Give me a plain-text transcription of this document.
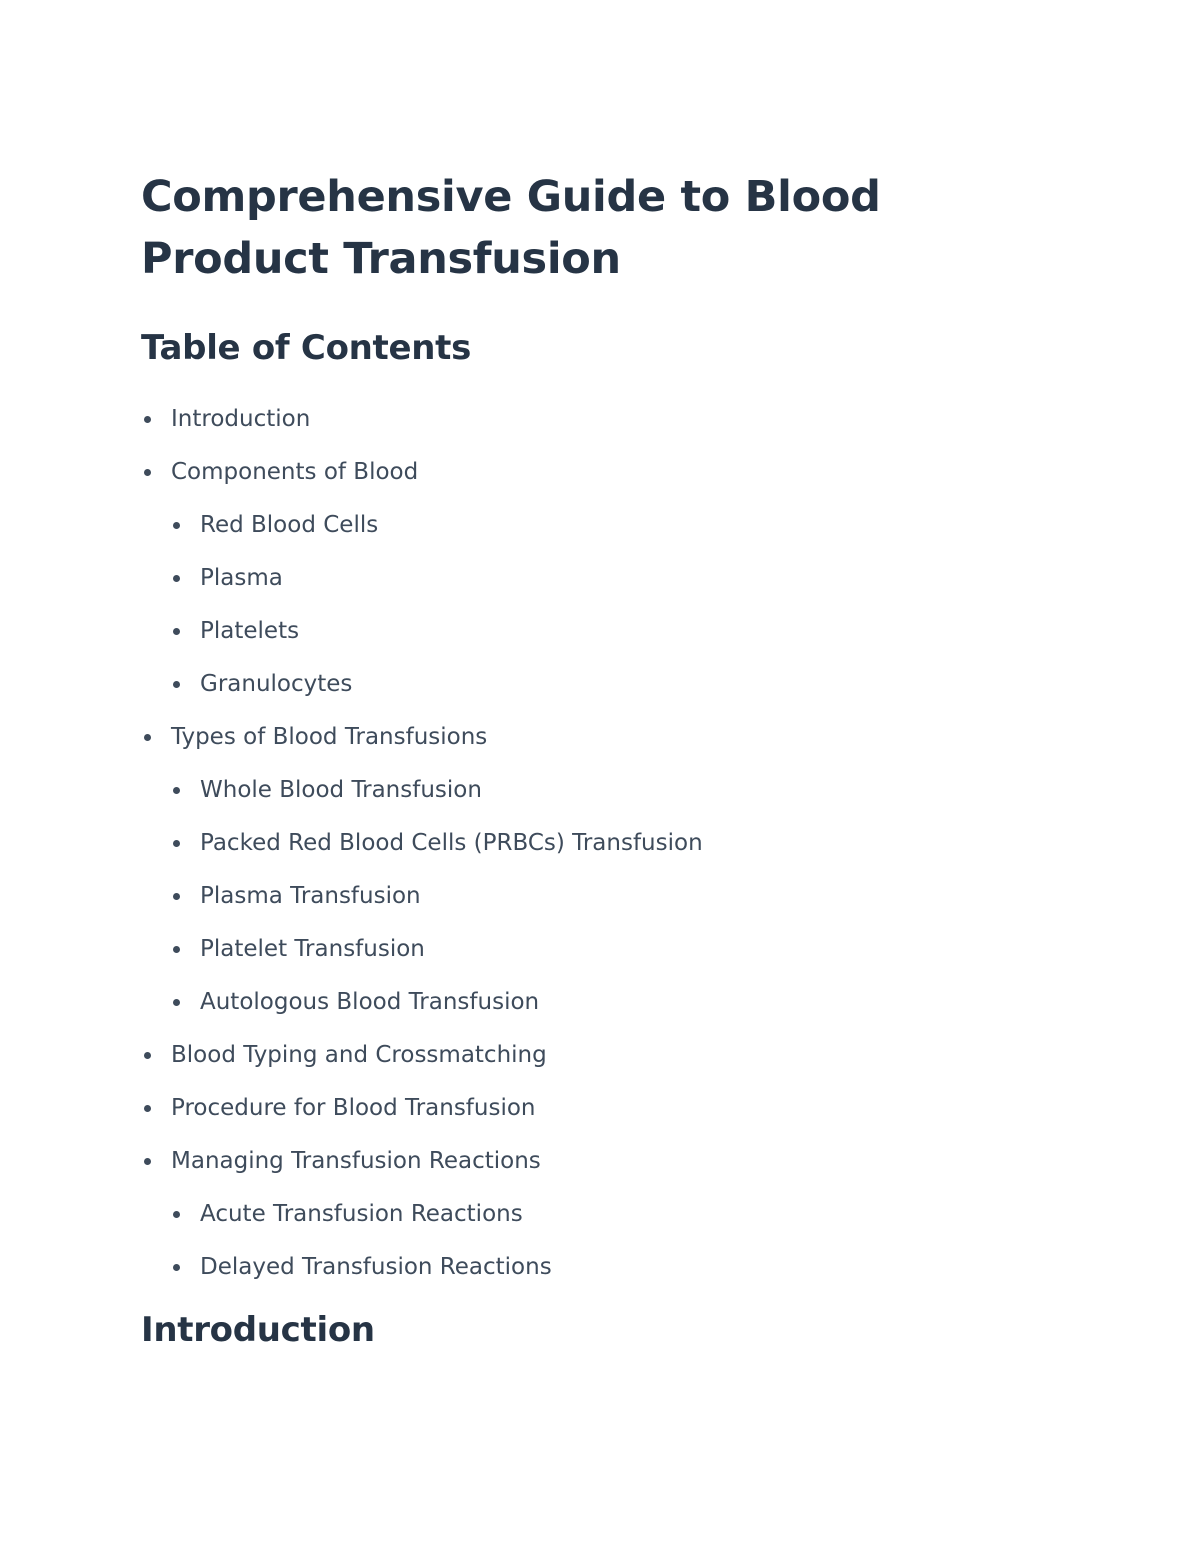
Comprehensive Guide to Blood Product Transfusion
Table of Contents
Introduction
Components of Blood
Red Blood Cells
Plasma
Platelets
Granulocytes
Types of Blood Transfusions
Whole Blood Transfusion
Packed Red Blood Cells (PRBCs) Transfusion
Plasma Transfusion
Platelet Transfusion
Autologous Blood Transfusion
Blood Typing and Crossmatching
Procedure for Blood Transfusion
Managing Transfusion Reactions
Acute Transfusion Reactions
Delayed Transfusion Reactions
Introduction
